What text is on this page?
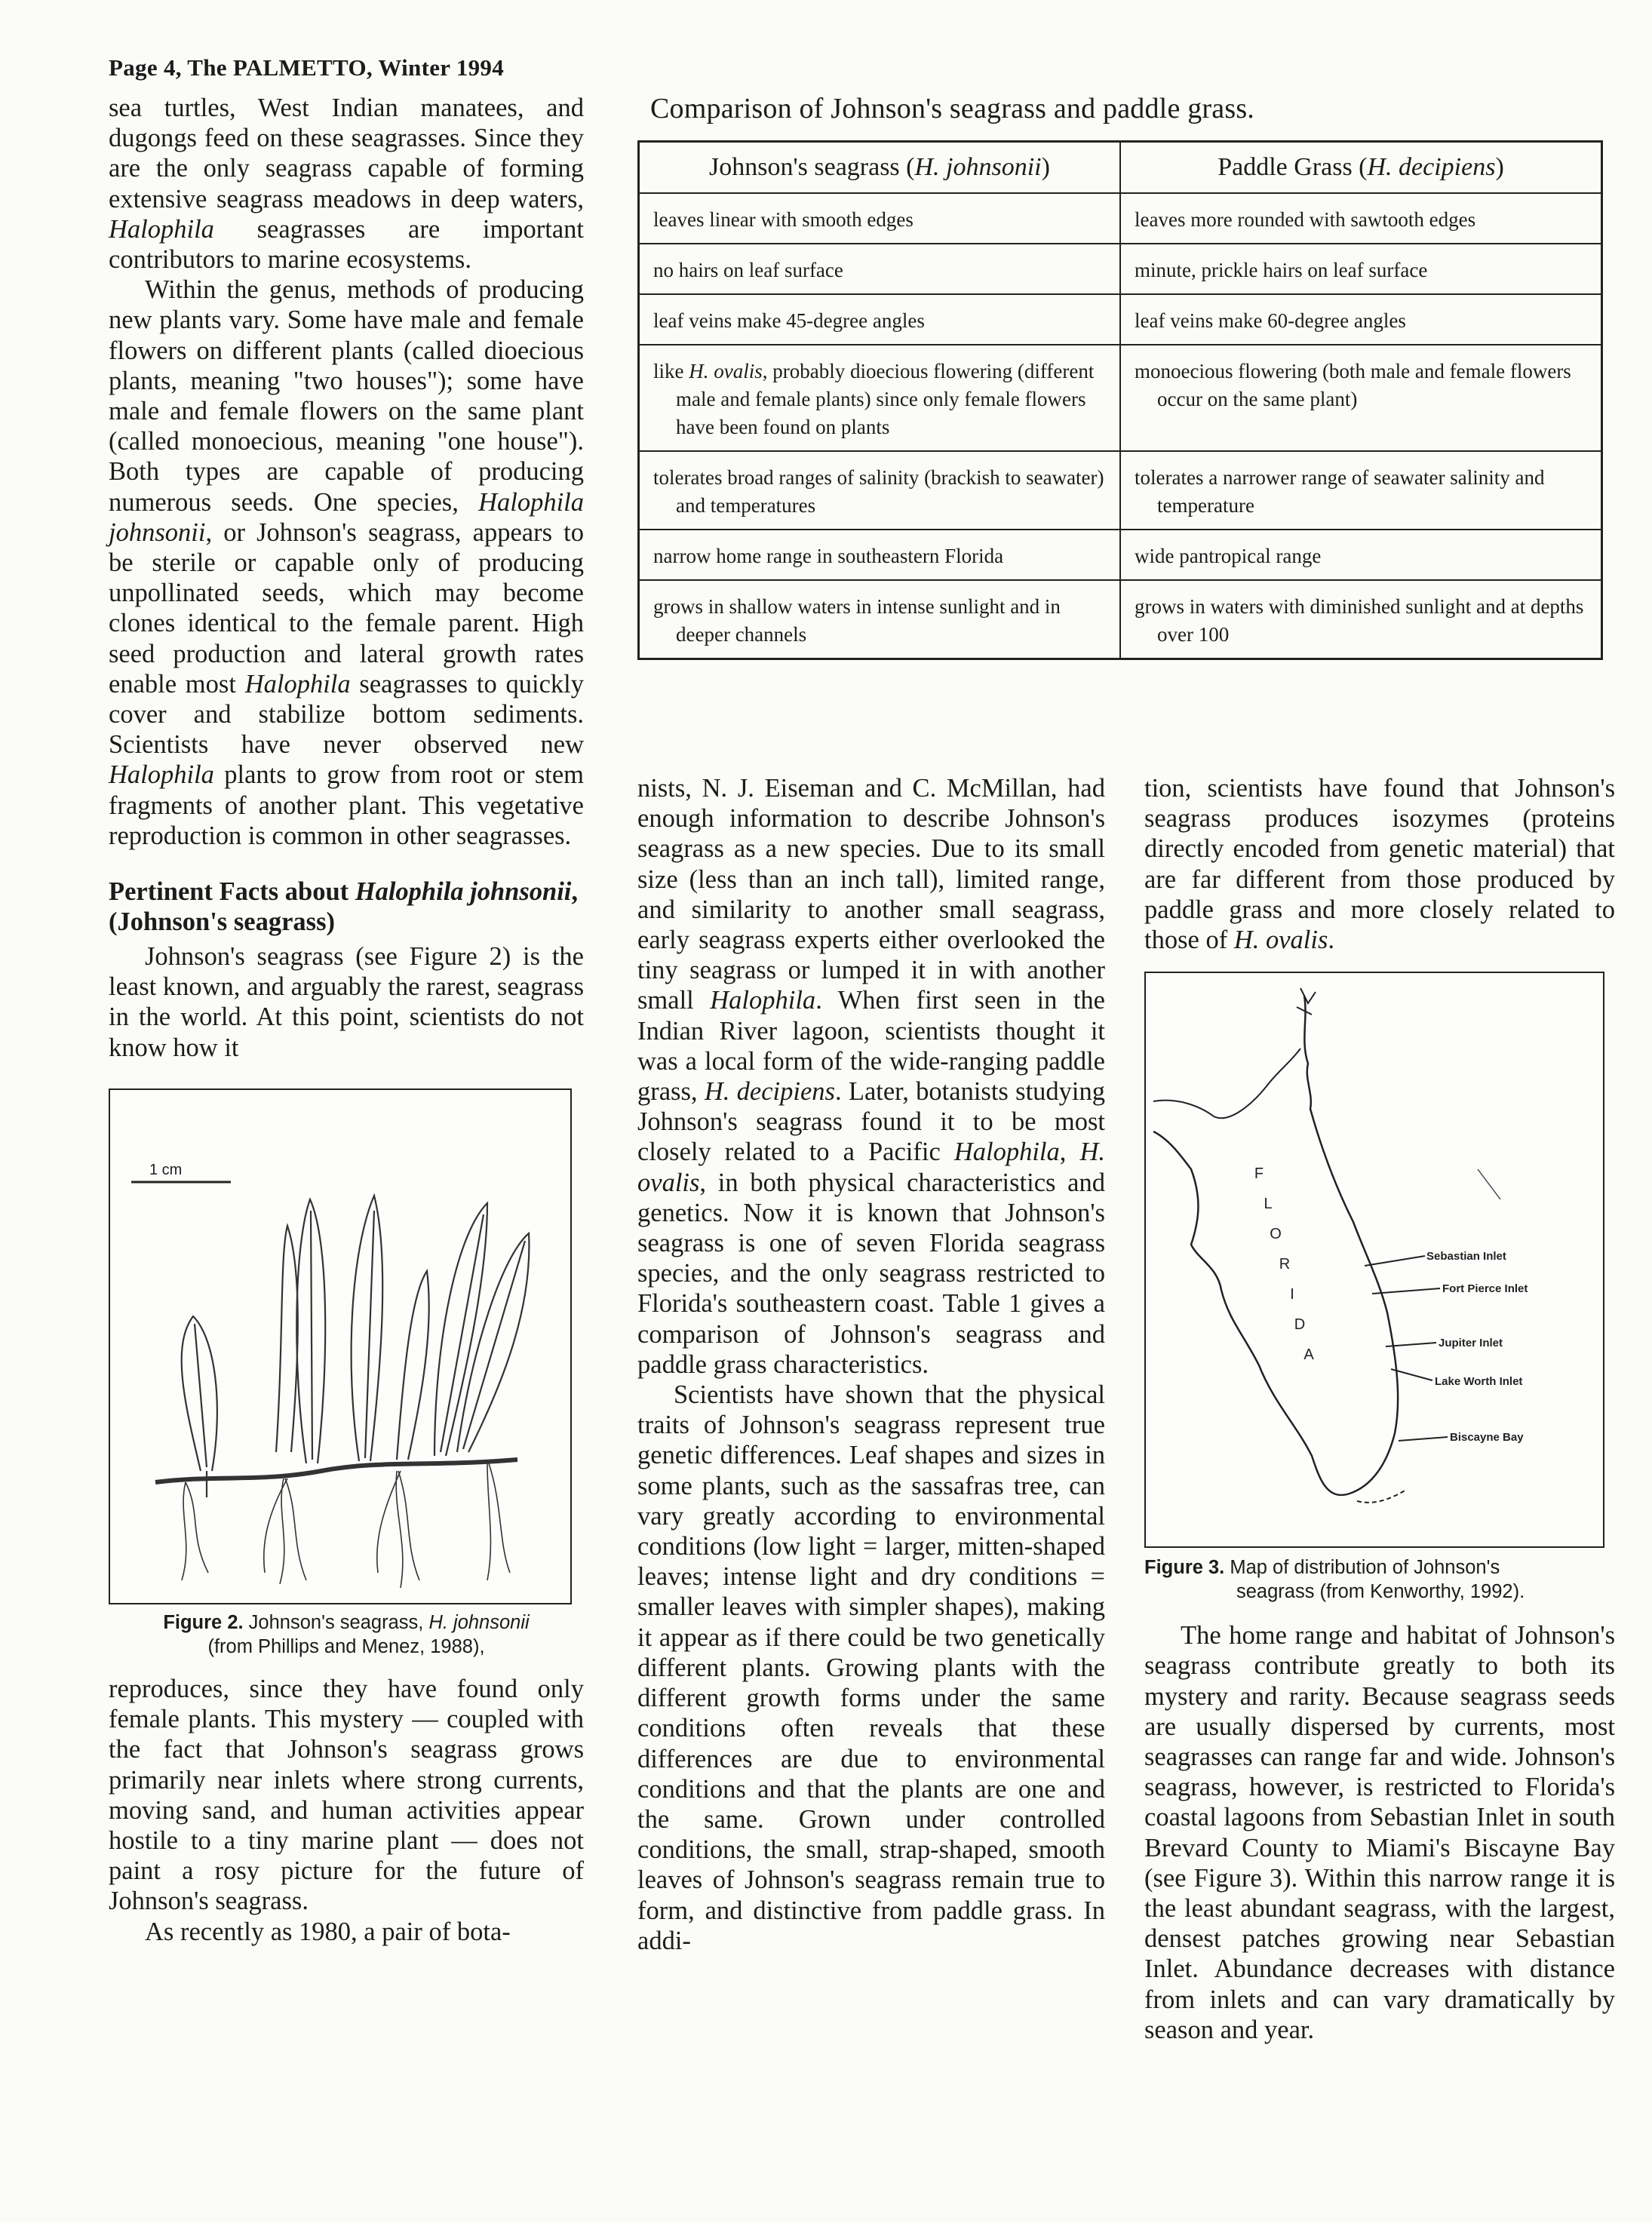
Page 4, The PALMETTO, Winter 1994

sea turtles, West Indian manatees, and dugongs feed on these seagrasses. Since they are the only seagrass capable of forming extensive seagrass meadows in deep waters, Halophila seagrasses are important contributors to marine ecosystems.

Within the genus, methods of producing new plants vary. Some have male and female flowers on different plants (called dioecious plants, meaning "two houses"); some have male and female flowers on the same plant (called monoecious, meaning "one house"). Both types are capable of producing numerous seeds. One species, Halophila johnsonii, or Johnson's seagrass, appears to be sterile or capable only of producing unpollinated seeds, which may become clones identical to the female parent. High seed production and lateral growth rates enable most Halophila seagrasses to quickly cover and stabilize bottom sediments. Scientists have never observed new Halophila plants to grow from root or stem fragments of another plant. This vegetative reproduction is common in other seagrasses.

Pertinent Facts about Halophila johnsonii, (Johnson's seagrass)

Johnson's seagrass (see Figure 2) is the least known, and arguably the rarest, seagrass in the world. At this point, scientists do not know how it

1 cm
Figure 2. Johnson's seagrass, H. johnsonii
(from Phillips and Menez, 1988),

reproduces, since they have found only female plants. This mystery — coupled with the fact that Johnson's seagrass grows primarily near inlets where strong currents, moving sand, and human activities appear hostile to a tiny marine plant — does not paint a rosy picture for the future of Johnson's seagrass.

As recently as 1980, a pair of bota-

Comparison of Johnson's seagrass and paddle grass.
Johnson's seagrass (H. johnsonii)	Paddle Grass (H. decipiens)

leaves linear with smooth edges	leaves more rounded with sawtooth edges

no hairs on leaf surface	minute, prickle hairs on leaf surface

leaf veins make 45-degree angles	leaf veins make 60-degree angles

like H. ovalis, probably dioecious flowering (different male and female plants) since only female flowers have been found on plants	monoecious flowering (both male and female flowers occur on the same plant)

tolerates broad ranges of salinity (brackish to seawater) and temperatures	tolerates a narrower range of seawater salinity and temperature

narrow home range in southeastern Florida	wide pantropical range

grows in shallow waters in intense sunlight and in deeper channels	grows in waters with diminished sunlight and at depths over 100

nists, N. J. Eiseman and C. McMillan, had enough information to describe Johnson's seagrass as a new species. Due to its small size (less than an inch tall), limited range, and similarity to another small seagrass, early seagrass experts either overlooked the tiny seagrass or lumped it in with another small Halophila. When first seen in the Indian River lagoon, scientists thought it was a local form of the wide-ranging paddle grass, H. decipiens. Later, botanists studying Johnson's seagrass found it to be most closely related to a Pacific Halophila, H. ovalis, in both physical characteristics and genetics. Now it is known that Johnson's seagrass is one of seven Florida seagrass species, and the only seagrass restricted to Florida's southeastern coast. Table 1 gives a comparison of Johnson's seagrass and paddle grass characteristics.

Scientists have shown that the physical traits of Johnson's seagrass represent true genetic differences. Leaf shapes and sizes in some plants, such as the sassafras tree, can vary greatly according to environmental conditions (low light = larger, mitten-shaped leaves; intense light and dry conditions = smaller leaves with simpler shapes), making it appear as if there could be two genetically different plants. Growing plants with the different growth forms under the same conditions often reveals that these differences are due to environmental conditions and that the plants are one and the same. Grown under controlled conditions, the small, strap-shaped, smooth leaves of Johnson's seagrass remain true to form, and distinctive from paddle grass. In addi-

tion, scientists have found that Johnson's seagrass produces isozymes (proteins directly encoded from genetic material) that are far different from those produced by paddle grass and more closely related to those of H. ovalis.

F
L
O
R
I
D
A
Sebastian Inlet
Fort Pierce Inlet
Jupiter Inlet
Lake Worth Inlet
Biscayne Bay
Figure 3. Map of distribution of Johnson's
seagrass (from Kenworthy, 1992).

The home range and habitat of Johnson's seagrass contribute greatly to both its mystery and rarity. Because seagrass seeds are usually dispersed by currents, most seagrasses can range far and wide. Johnson's seagrass, however, is restricted to Florida's coastal lagoons from Sebastian Inlet in south Brevard County to Miami's Biscayne Bay (see Figure 3). Within this narrow range it is the least abundant seagrass, with the largest, densest patches growing near Sebastian Inlet. Abundance decreases with distance from inlets and can vary dramatically by season and year.
